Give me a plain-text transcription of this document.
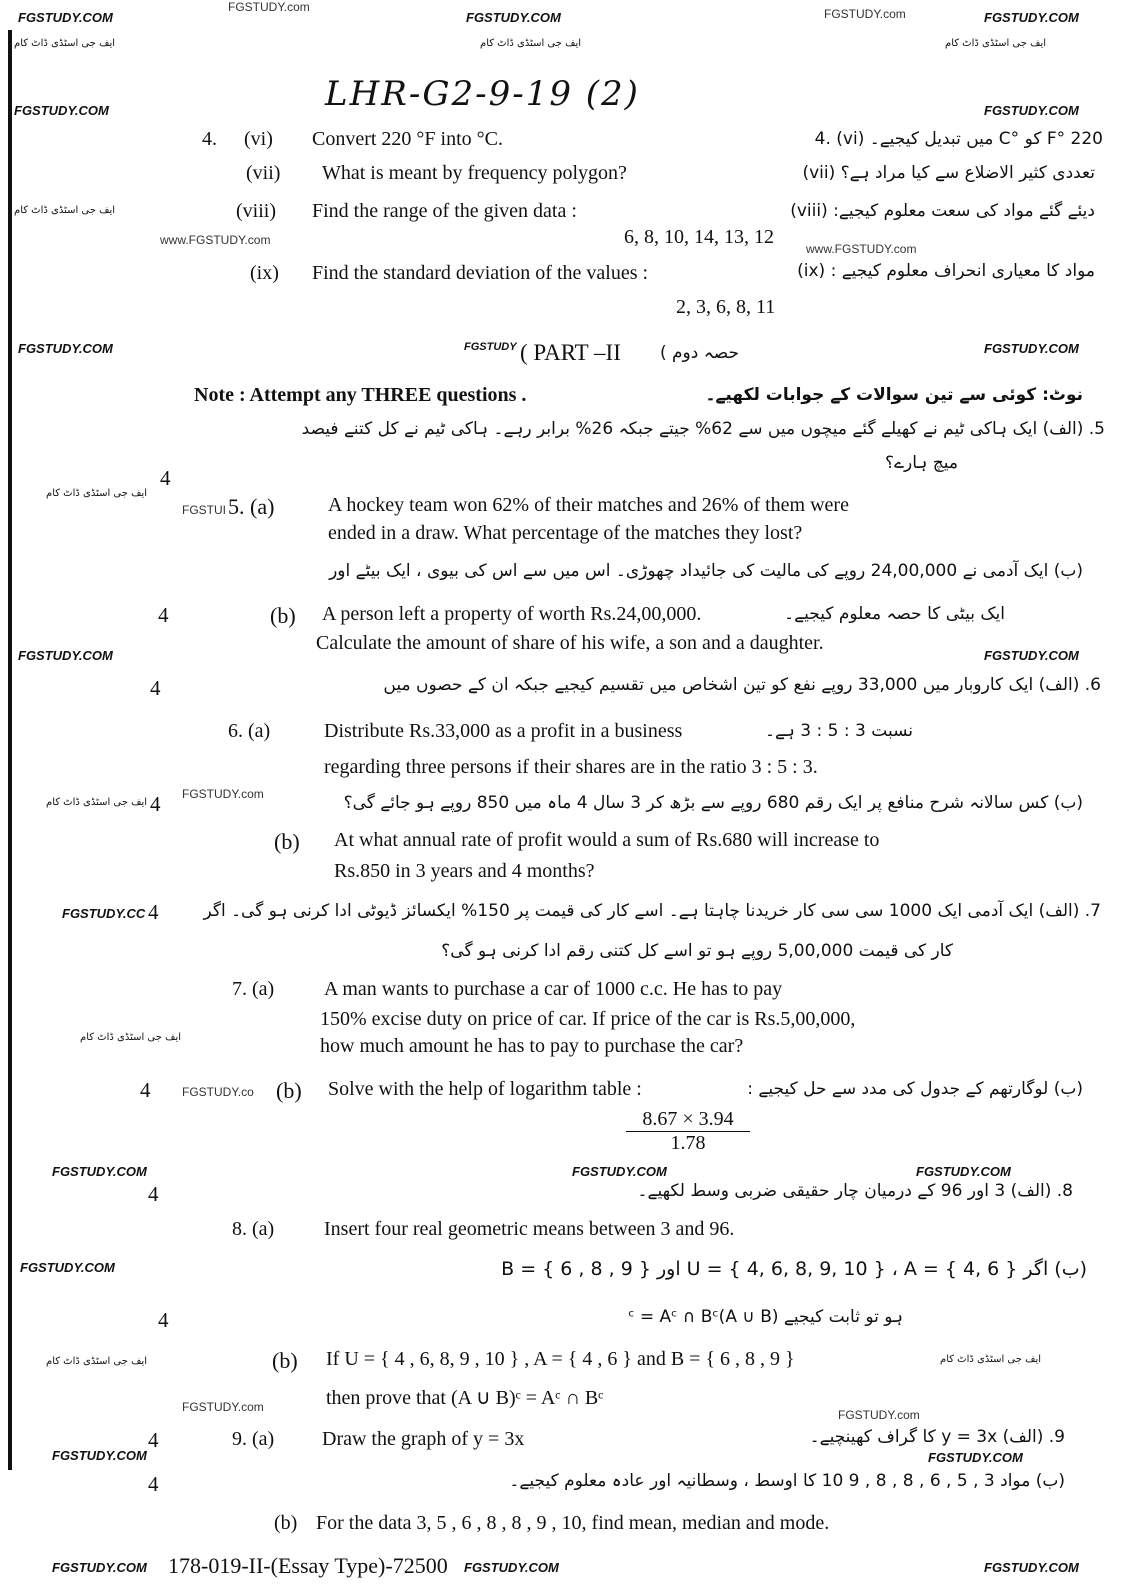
FGSTUDY.com
FGSTUDY.COM	FGSTUDY.COM	FGSTUDY.com	FGSTUDY.COM
ایف جی اسٹڈی ڈاٹ کام	ایف جی اسٹڈی ڈاٹ کام	ایف جی اسٹڈی ڈاٹ کام
LHR-G2-9-19 (2)
FGSTUDY.COM	FGSTUDY.COM
4. (vi) Convert 220 °F into °C.	220 °F کو °C میں تبدیل کیجیے۔ (vi) .4
(vii) What is meant by frequency polygon?	تعددی کثیر الاضلاع سے کیا مراد ہے؟ (vii)
ایف جی اسٹڈی ڈاٹ کام	(viii) Find the range of the given data :	دیئے گئے مواد کی سعت معلوم کیجیے: (viii)
www.FGSTUDY.com	6, 8, 10, 14, 13, 12
www.FGSTUDY.com
(ix) Find the standard deviation of the values :	مواد کا معیاری انحراف معلوم کیجیے : (ix)
2, 3, 6, 8, 11
FGSTUDY.COM	FGSTUDY ( PART –II حصہ دوم )	FGSTUDY.COM
Note : Attempt any THREE questions .	نوٹ: کوئی سے تین سوالات کے جوابات لکھیے۔
5. (الف) ایک ہاکی ٹیم نے کھیلے گئے میچوں میں سے 62% جیتے جبکہ 26% برابر رہے۔ ہاکی ٹیم نے کل کتنے فیصد
میچ ہارے؟
4
ایف جی اسٹڈی ڈاٹ کام
FGSTUI 5. (a)	A hockey team won 62% of their matches and 26% of them were
ended in a draw. What percentage of the matches they lost?
(ب) ایک آدمی نے 24,00,000 روپے کی مالیت کی جائیداد چھوڑی۔ اس میں سے اس کی بیوی ، ایک بیٹے اور
4	(b) A person left a property of worth Rs.24,00,000.	ایک بیٹی کا حصہ معلوم کیجیے۔
Calculate the amount of share of his wife, a son and a daughter.
FGSTUDY.COM	FGSTUDY.COM
4	6. (الف) ایک کاروبار میں 33,000 روپے نفع کو تین اشخاص میں تقسیم کیجیے جبکہ ان کے حصوں میں
6. (a)	Distribute Rs.33,000 as a profit in a business	نسبت 3 : 5 : 3 ہے۔
regarding three persons if their shares are in the ratio 3 : 5 : 3.
ایف جی اسٹڈی ڈاٹ کام 4 FGSTUDY.com	(ب) کس سالانہ شرح منافع پر ایک رقم 680 روپے سے بڑھ کر 3 سال 4 ماہ میں 850 روپے ہو جائے گی؟
(b) At what annual rate of profit would a sum of Rs.680 will increase to
Rs.850 in 3 years and 4 months?
FGSTUDY.CC 4	7. (الف) ایک آدمی ایک 1000 سی سی کار خریدنا چاہتا ہے۔ اسے کار کی قیمت پر 150% ایکسائز ڈیوٹی ادا کرنی ہو گی۔ اگر
کار کی قیمت 5,00,000 روپے ہو تو اسے کل کتنی رقم ادا کرنی ہو گی؟
7. (a) A man wants to purchase a car of 1000 c.c. He has to pay
ایف جی اسٹڈی ڈاٹ کام
150% excise duty on price of car. If price of the car is Rs.5,00,000,
how much amount he has to pay to purchase the car?
4	FGSTUDY.co (b) Solve with the help of logarithm table :	(ب) لوگارتھم کے جدول کی مدد سے حل کیجیے :
$\frac{8.67 \times 3.94}{1.78}$
FGSTUDY.COM	FGSTUDY.COM	FGSTUDY.COM
4	8. (الف) 3 اور 96 کے درمیان چار حقیقی ضربی وسط لکھیے۔
8. (a) Insert four real geometric means between 3 and 96.
FGSTUDY.COM	(ب) اگر U = { 4, 6, 8, 9, 10 } ، A = { 4, 6 } اور B = { 6 , 8 , 9 }
4	ہو تو ثابت کیجیے (A ∪ B)ᶜ = Aᶜ ∩ Bᶜ
ایف جی اسٹڈی ڈاٹ کام	(b) If U = { 4 , 6, 8, 9 , 10 } , A = { 4 , 6 } and B = { 6 , 8 , 9 }	ایف جی اسٹڈی ڈاٹ کام
then prove that (A ∪ B)ᶜ = Aᶜ ∩ Bᶜ
FGSTUDY.com
FGSTUDY.com
4
FGSTUDY.COM
9. (a) Draw the graph of y = 3x	9. (الف) y = 3x کا گراف کھینچیے۔
FGSTUDY.COM
4	(ب) مواد 3 , 5 , 6 , 8 , 8 , 9 10 کا اوسط ، وسطانیہ اور عادہ معلوم کیجیے۔
(b) For the data 3, 5 , 6 , 8 , 8 , 9 , 10, find mean, median and mode.
FGSTUDY.COM 178-019-II-(Essay Type)-72500 FGSTUDY.COM	FGSTUDY.COM
